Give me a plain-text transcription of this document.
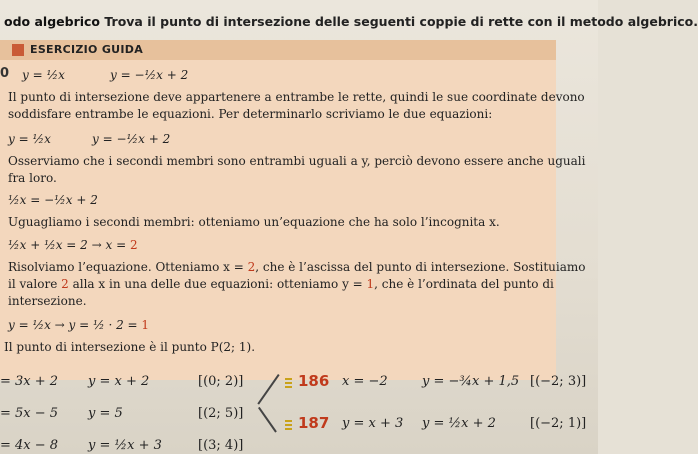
odo algebrico Trova il punto di intersezione delle seguenti coppie di rette con il metodo algebrico.
ESERCIZIO GUIDA
y = ½x	y = −½x + 2
Il punto di intersezione deve appartenere a entrambe le rette, quindi le sue coordinate devono
soddisfare entrambe le equazioni. Per determinarlo scriviamo le due equazioni:
y = ½x	y = −½x + 2
Osserviamo che i secondi membri sono entrambi uguali a y, perciò devono essere anche uguali
fra loro.
½x = −½x + 2
Uguagliamo i secondi membri: otteniamo un’equazione che ha solo l’incognita x.
½x + ½x = 2 → x = 2
Risolviamo l’equazione. Otteniamo x = 2, che è l’ascissa del punto di intersezione. Sostituiamo
il valore 2 alla x in una delle due equazioni: otteniamo y = 1, che è l’ordinata del punto di
intersezione.
y = ½x → y = ½ · 2 = 1
Il punto di intersezione è il punto P(2; 1).
0
= 3x + 2 y = x + 2	[(0; 2)]
= 5x − 5 y = 5	[(2; 5)]
= 4x − 8 y = ½x + 3	[(3; 4)]
186 x = −2	y = −¾x + 1,5 [(−2; 3)]
187 y = x + 3 y = ½x + 2	[(−2; 1)]
